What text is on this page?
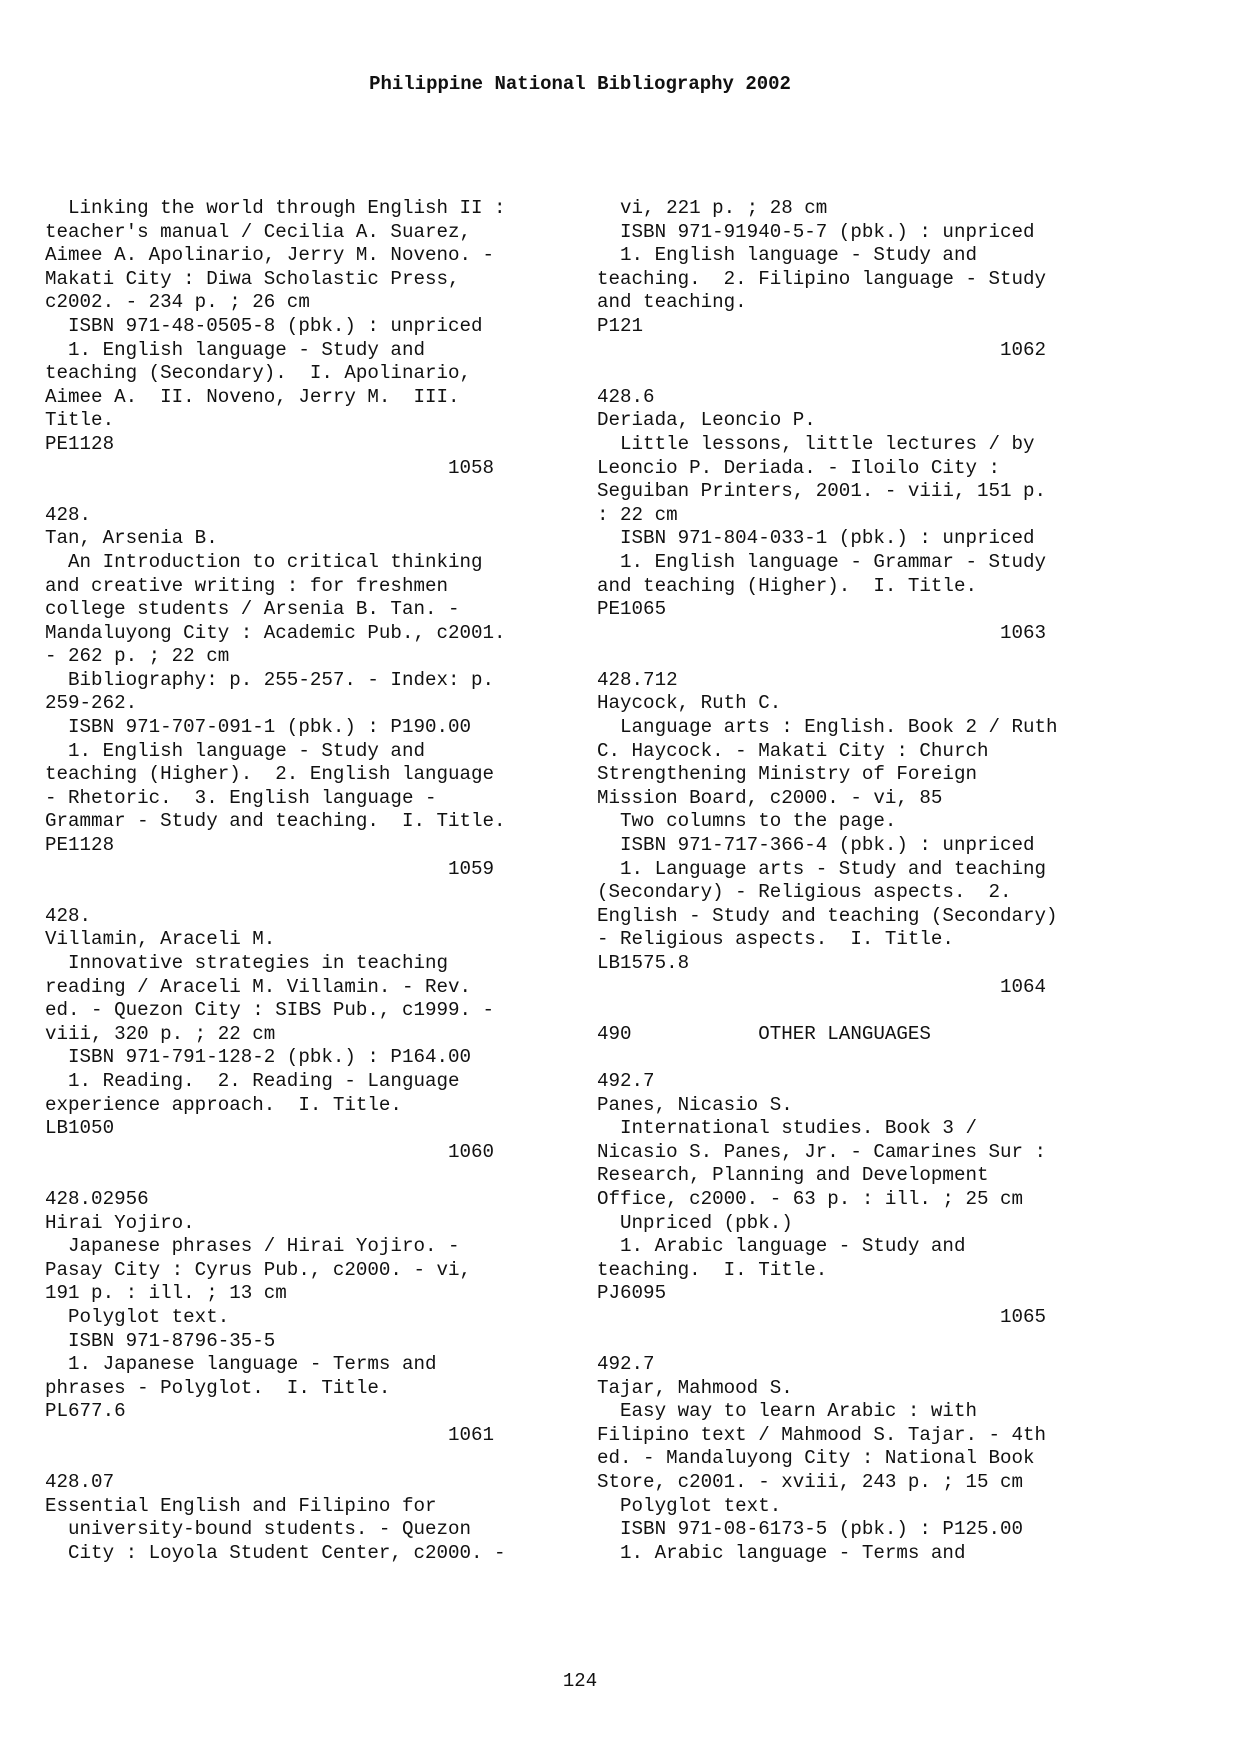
Philippine National Bibliography 2002
Linking the world through English II :
teacher's manual / Cecilia A. Suarez,
Aimee A. Apolinario, Jerry M. Noveno. -
Makati City : Diwa Scholastic Press,
c2002. - 234 p. ; 26 cm
ISBN 971-48-0505-8 (pbk.) : unpriced
1. English language - Study and
teaching (Secondary).  I. Apolinario,
Aimee A.  II. Noveno, Jerry M.  III.
Title.
PE1128
1058
428.
Tan, Arsenia B.
An Introduction to critical thinking
and creative writing : for freshmen
college students / Arsenia B. Tan. -
Mandaluyong City : Academic Pub., c2001.
- 262 p. ; 22 cm
Bibliography: p. 255-257. - Index: p.
259-262.
ISBN 971-707-091-1 (pbk.) : P190.00
1. English language - Study and
teaching (Higher).  2. English language
- Rhetoric.  3. English language -
Grammar - Study and teaching.  I. Title.
PE1128
1059
428.
Villamin, Araceli M.
Innovative strategies in teaching
reading / Araceli M. Villamin. - Rev.
ed. - Quezon City : SIBS Pub., c1999. -
viii, 320 p. ; 22 cm
ISBN 971-791-128-2 (pbk.) : P164.00
1. Reading.  2. Reading - Language
experience approach.  I. Title.
LB1050
1060
428.02956
Hirai Yojiro.
Japanese phrases / Hirai Yojiro. -
Pasay City : Cyrus Pub., c2000. - vi,
191 p. : ill. ; 13 cm
Polyglot text.
ISBN 971-8796-35-5
1. Japanese language - Terms and
phrases - Polyglot.  I. Title.
PL677.6
1061
428.07
Essential English and Filipino for
university-bound students. - Quezon
City : Loyola Student Center, c2000. -
vi, 221 p. ; 28 cm
ISBN 971-91940-5-7 (pbk.) : unpriced
1. English language - Study and
teaching.  2. Filipino language - Study
and teaching.
P121
1062
428.6
Deriada, Leoncio P.
Little lessons, little lectures / by
Leoncio P. Deriada. - Iloilo City :
Seguiban Printers, 2001. - viii, 151 p.
: 22 cm
ISBN 971-804-033-1 (pbk.) : unpriced
1. English language - Grammar - Study
and teaching (Higher).  I. Title.
PE1065
1063
428.712
Haycock, Ruth C.
Language arts : English. Book 2 / Ruth
C. Haycock. - Makati City : Church
Strengthening Ministry of Foreign
Mission Board, c2000. - vi, 85
Two columns to the page.
ISBN 971-717-366-4 (pbk.) : unpriced
1. Language arts - Study and teaching
(Secondary) - Religious aspects.  2.
English - Study and teaching (Secondary)
- Religious aspects.  I. Title.
LB1575.8
1064
490           OTHER LANGUAGES
492.7
Panes, Nicasio S.
International studies. Book 3 /
Nicasio S. Panes, Jr. - Camarines Sur :
Research, Planning and Development
Office, c2000. - 63 p. : ill. ; 25 cm
Unpriced (pbk.)
1. Arabic language - Study and
teaching.  I. Title.
PJ6095
1065
492.7
Tajar, Mahmood S.
Easy way to learn Arabic : with
Filipino text / Mahmood S. Tajar. - 4th
ed. - Mandaluyong City : National Book
Store, c2001. - xviii, 243 p. ; 15 cm
Polyglot text.
ISBN 971-08-6173-5 (pbk.) : P125.00
1. Arabic language - Terms and
124
